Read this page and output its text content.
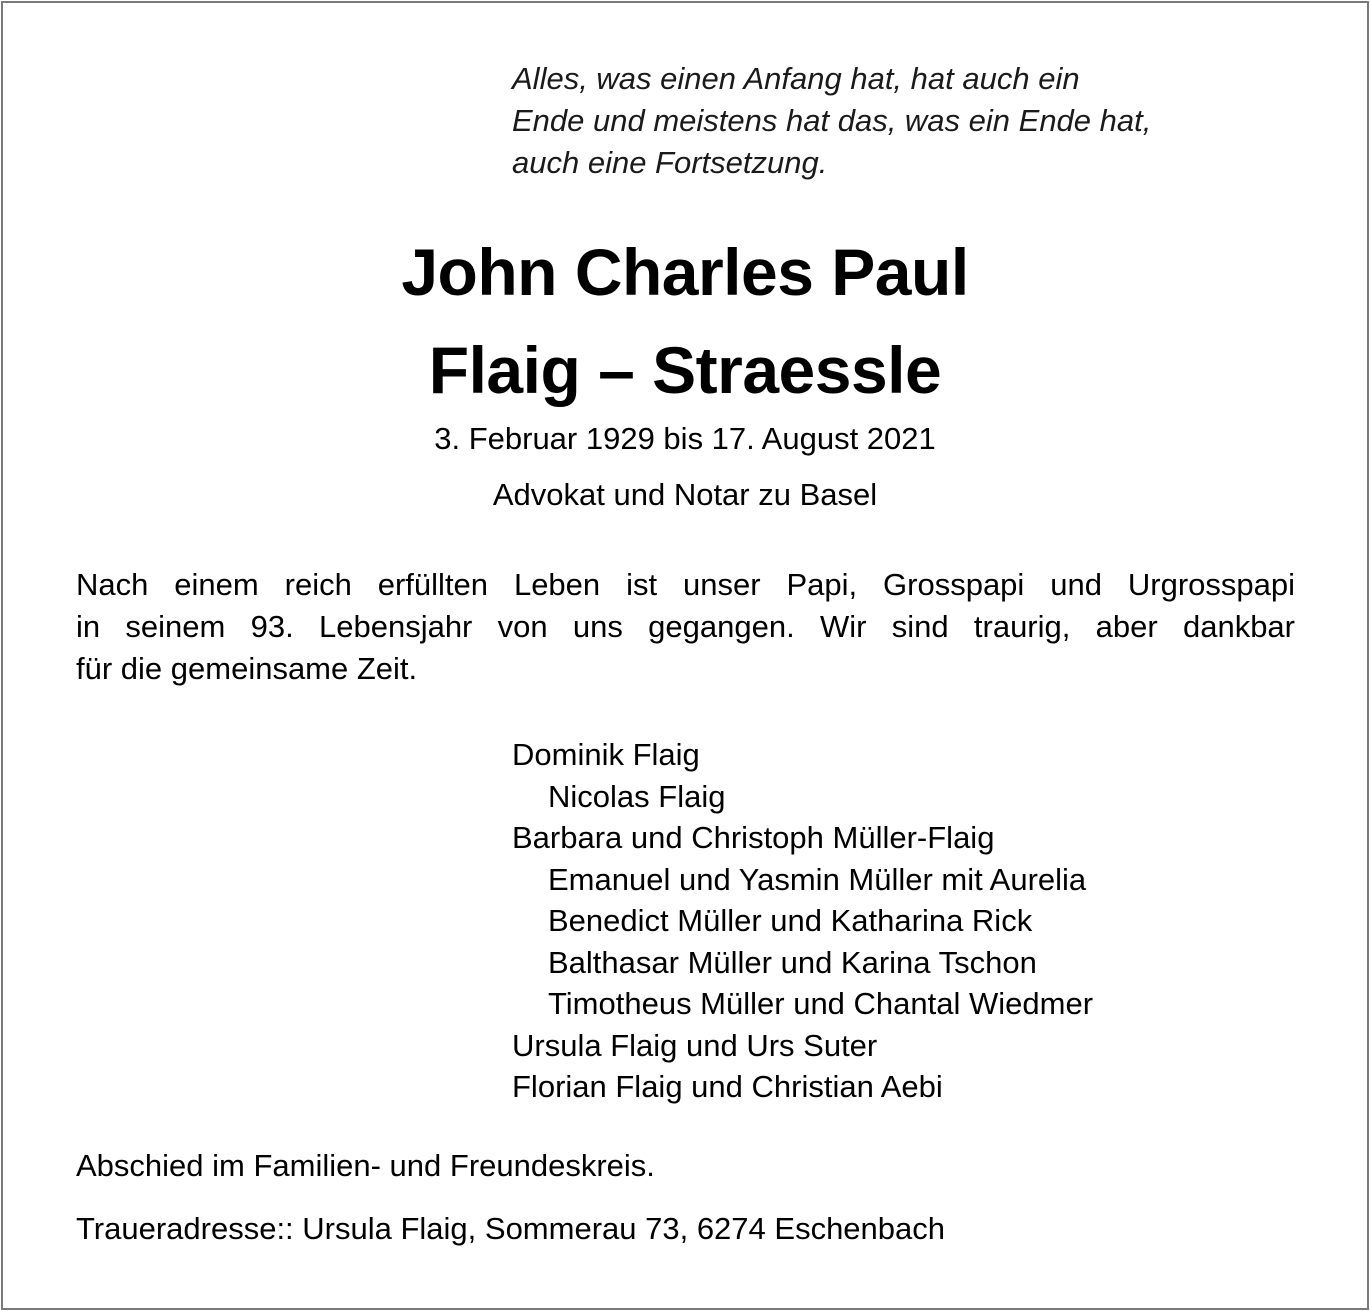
Alles, was einen Anfang hat, hat auch ein
Ende und meistens hat das, was ein Ende hat,
auch eine Fortsetzung.
John Charles Paul
Flaig – Straessle
3. Februar 1929 bis 17. August 2021
Advokat und Notar zu Basel
Nach einem reich erfüllten Leben ist unser Papi, Grosspapi und Urgrosspapi
in seinem 93. Lebensjahr von uns gegangen. Wir sind traurig, aber dankbar
für die gemeinsame Zeit.
Dominik Flaig
Nicolas Flaig
Barbara und Christoph Müller-Flaig
Emanuel und Yasmin Müller mit Aurelia
Benedict Müller und Katharina Rick
Balthasar Müller und Karina Tschon
Timotheus Müller und Chantal Wiedmer
Ursula Flaig und Urs Suter
Florian Flaig und Christian Aebi
Abschied im Familien- und Freundeskreis.
Traueradresse:: Ursula Flaig, Sommerau 73, 6274 Eschenbach
